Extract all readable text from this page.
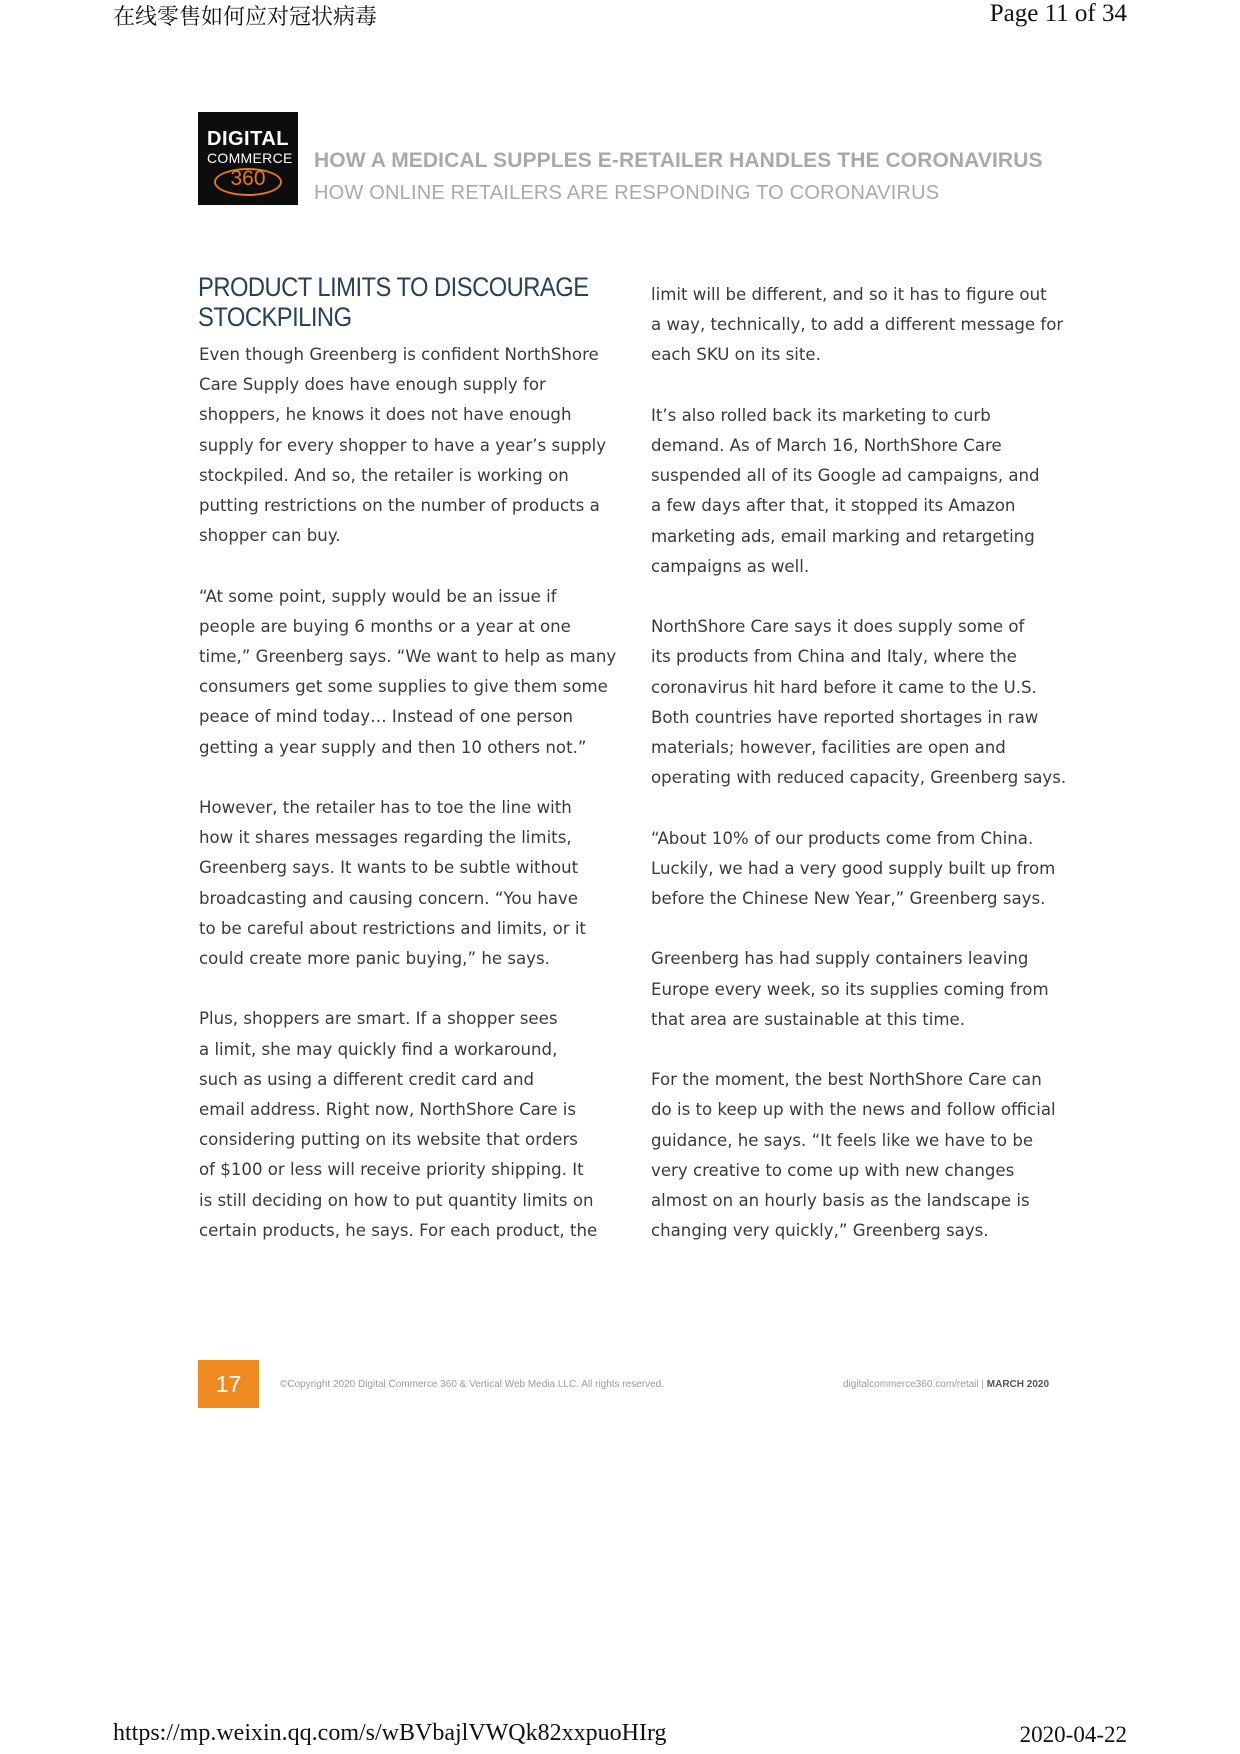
在线零售如何应对冠状病毒	Page 11 of 34
DIGITAL
COMMERCE
360
HOW A MEDICAL SUPPLES E-RETAILER HANDLES THE CORONAVIRUS
HOW ONLINE RETAILERS ARE RESPONDING TO CORONAVIRUS
PRODUCT LIMITS TO DISCOURAGE
STOCKPILING

Even though Greenberg is confident NorthShore
Care Supply does have enough supply for
shoppers, he knows it does not have enough
supply for every shopper to have a year’s supply
stockpiled. And so, the retailer is working on
putting restrictions on the number of products a
shopper can buy.

“At some point, supply would be an issue if
people are buying 6 months or a year at one
time,” Greenberg says. “We want to help as many
consumers get some supplies to give them some
peace of mind today… Instead of one person
getting a year supply and then 10 others not.”

However, the retailer has to toe the line with
how it shares messages regarding the limits,
Greenberg says. It wants to be subtle without
broadcasting and causing concern. “You have
to be careful about restrictions and limits, or it
could create more panic buying,” he says.

Plus, shoppers are smart. If a shopper sees
a limit, she may quickly find a workaround,
such as using a different credit card and
email address. Right now, NorthShore Care is
considering putting on its website that orders
of $100 or less will receive priority shipping. It
is still deciding on how to put quantity limits on
certain products, he says. For each product, the

limit will be different, and so it has to figure out
a way, technically, to add a different message for
each SKU on its site.

It’s also rolled back its marketing to curb
demand. As of March 16, NorthShore Care
suspended all of its Google ad campaigns, and
a few days after that, it stopped its Amazon
marketing ads, email marking and retargeting
campaigns as well.

NorthShore Care says it does supply some of
its products from China and Italy, where the
coronavirus hit hard before it came to the U.S.
Both countries have reported shortages in raw
materials; however, facilities are open and
operating with reduced capacity, Greenberg says.

“About 10% of our products come from China.
Luckily, we had a very good supply built up from
before the Chinese New Year,” Greenberg says.

Greenberg has had supply containers leaving
Europe every week, so its supplies coming from
that area are sustainable at this time.

For the moment, the best NorthShore Care can
do is to keep up with the news and follow official
guidance, he says. “It feels like we have to be
very creative to come up with new changes
almost on an hourly basis as the landscape is
changing very quickly,” Greenberg says.

17	©Copyright 2020 Digital Commerce 360 & Vertical Web Media LLC. All rights reserved.	digitalcommerce360.com/retail | MARCH 2020
https://mp.weixin.qq.com/s/wBVbajlVWQk82xxpuoHIrg	2020-04-22
